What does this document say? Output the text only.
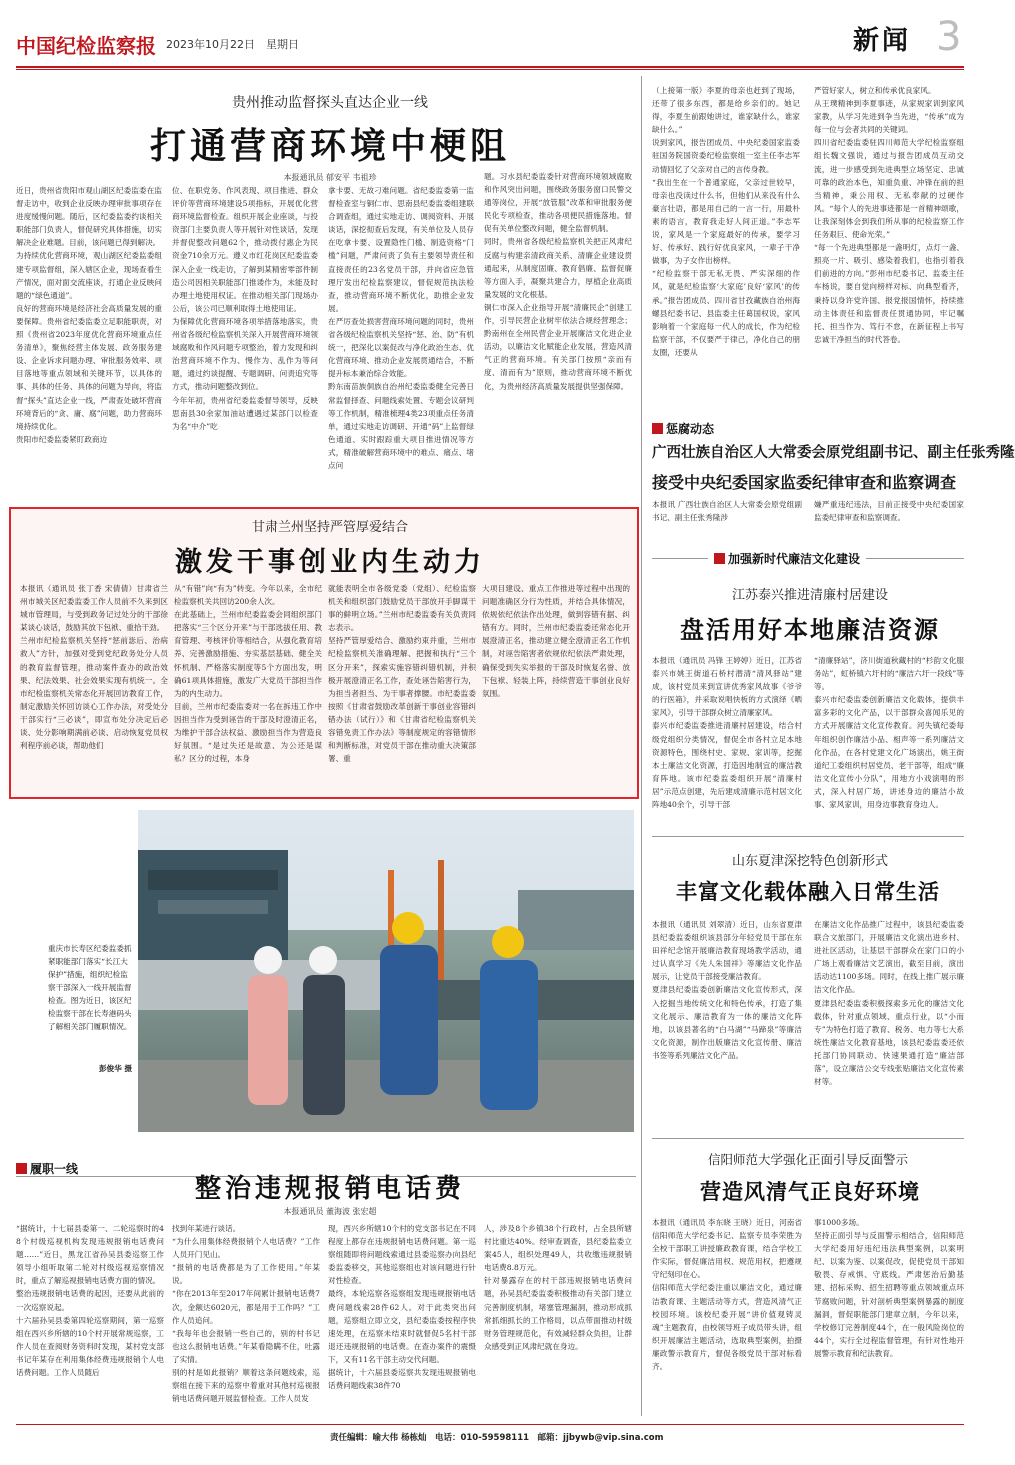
中国纪检监察报 2023年10月22日　星期日	新闻 3
贵州推动监督探头直达企业一线
打通营商环境中梗阻
本报通讯员 郁安平 韦祖珍
近日，贵州省贵阳市观山湖区纪委监委在监督走访中，收到企业反映办理审批事项存在进度缓慢问题。随后，区纪委监委约谈相关职能部门负责人，督促研究具体措施，切实解决企业难题。目前，该问题已得到解决。
为持续优化营商环境，观山湖区纪委监委组建专项监督组，深入辖区企业，现场查看生产情况，面对面交流座谈，打通企业反映问题的“绿色通道”。
良好的营商环境是经济社会高质量发展的重要保障。贵州省纪委监委立足职能职责，对照《贵州省2023年度优化营商环境重点任务清单》，聚焦经营主体发展、政务服务建设、企业诉求问题办理、审批服务效率、项目落地等重点领域和关键环节，以具体的事、具体的任务、具体的问题为导向，将监督“探头”直达企业一线，严肃查处破坏营商环境背后的“贪、庸、腐”问题，助力营商环境持续优化。
贵阳市纪委监委紧盯政商边
位、在职党务、作风表现、项目推进、群众评价等营商环境建设5项指标，开展优化营商环境监督检查。组织开展企业座谈，与投资部门主要负责人等开展针对性谈话，发现并督促整改问题62个，推动拨付惠企为民资金710余万元。遵义市红花岗区纪委监委深入企业一线走访，了解到某精密零部件制造公司因相关职能部门推诿作为，未能及时办理土地使用权证。在推动相关部门现场办公后，该公司已顺利取得土地使用证。
为保障优化营商环境各项举措落地落实，贵州省各级纪检监察机关深入开展营商环境领域腐败和作风问题专项整治，着力发现和纠治营商环境不作为、慢作为、乱作为等问题，通过约谈提醒、专题调研、问责追究等方式，推动问题整改到位。
今年年初，贵州省纪委监委督导领导，反映思南县30余家加油站遭遇过某部门以检查为名“中介”吃
拿卡要、无故刁难问题。省纪委监委第一监督检查室与铜仁市、思南县纪委监委组建联合调查组，通过实地走访、调阅资料、开展谈话，深挖彻查后发现，有关单位及人员存在吃拿卡要、设置隐性门槛、制造资格“门槛”问题，严肃问责了负有主要领导责任和直接责任的23名党员干部，并向省应急管理厅发出纪检监察建议，督促规范执法检查，推动营商环境不断优化，助推企业发展。
在严厉查处损害营商环境问题的同时，贵州省各级纪检监察机关坚持“惩、治、防”有机统一，把深化以案促改与净化政治生态、优化营商环境、推动企业发展贯通结合，不断提升标本兼治综合效能。
黔东南苗族侗族自治州纪委监委健全完善日常监督择查、问题线索处置、专题会议研判等工作机制，精准梳理4类23项重点任务清单，通过实地走访调研、开通“码”上监督绿色通道、实时跟踪重大项目推进情况等方式，精准破解营商环境中的难点、痛点、堵点问
题。习水县纪委监委针对营商环境领域腐败和作风突出问题，围绕政务服务窗口民警交通等岗位，开展“放管服”改革和审批服务便民化专项检查，推动各项便民措施落地。督促有关单位整改问题，健全监督机制。
同时，贵州省各级纪检监察机关把正风肃纪反腐与构建亲清政商关系、清廉企业建设贯通起来，从制度固廉、教育倡廉、监督促廉等方面入手，凝聚共建合力，厚植企业高质量发展的文化根基。
铜仁市深入企业指导开展“清廉民企”创建工作，引导民营企业树牢依法合规经营理念；黔南州在全州民营企业开展廉洁文化进企业活动，以廉洁文化赋能企业发展，营造风清气正的营商环境。有关部门按照“亲而有度、清而有为”原则，推动营商环境不断优化，为贵州经济高质量发展提供坚强保障。
甘肃兰州坚持严管厚爱结合
激发干事创业内生动力
本报讯（通讯员 张丁香 宋倩倩）甘肃省兰州市城关区纪委监委工作人员前不久来到区城市管理局，与受到政务记过处分的干部徐某谈心谈话，鼓励其放下包袱、重拾干劲。
兰州市纪检监察机关坚持“惩前毖后、治病救人”方针，加强对受到党纪政务处分人员的教育监督管理，推动案件查办的政治效果、纪法效果、社会效果实现有机统一。全市纪检监察机关常态化开展回访教育工作，制定激励关怀回访谈心工作办法，对受处分干部实行“三必谈”，即宣布处分决定后必谈、处分影响期满前必谈、启动恢复党员权利程序前必谈，帮助他们
从“有错”向“有为”转变。今年以来，全市纪检监察机关共回访200余人次。
在此基础上，兰州市纪委监委会同组织部门把落实“三个区分开来”与干部选拔任用、教育管理、考核评价等相结合，从强化教育培养、完善激励措施、夯实基层基础、健全关怀机制、严格落实制度等5个方面出发，明确61项具体措施，激发广大党员干部担当作为的内生动力。
目前，兰州市纪委监委对一名在拆违工作中因担当作为受到诬告的干部及时澄清正名，为维护干部合法权益、激励担当作为营造良好氛围。“是过失还是故意、为公还是谋私？区分的过程，本身
就能表明全市各级党委（党组）、纪检监察机关和组织部门鼓励党员干部放开手脚谋干事的鲜明立场。”兰州市纪委监委有关负责同志表示。
坚持严管厚爱结合、激励约束并重，兰州市纪检监察机关准确理解、把握和执行“三个区分开来”，探索实施容错纠错机制，并积极开展澄清正名工作，查处诬告陷害行为，为担当者担当、为干事者撑腰。市纪委监委按照《甘肃省鼓励改革创新干事创业容错纠错办法（试行）》和《甘肃省纪检监察机关容错免责工作办法》等制度规定的容错情形和判断标准，对党员干部在推动重大决策部署、重
大项目建设、重点工作推进等过程中出现的问题准确区分行为性质，并结合具体情况，依规依纪依法作出处理，做到容错有据、纠错有方。同时，兰州市纪委监委还常态化开展澄清正名，推动建立健全澄清正名工作机制，对诬告陷害者依规依纪依法严肃处理，确保受到失实举报的干部及时恢复名誉、放下包袱、轻装上阵，持续营造干事创业良好氛围。
重庆市长寿区纪委监委抓紧职能部门落实“长江大保护”措施，组织纪检监察干部深入一线开展监督检查。图为近日，该区纪检监察干部在长寿港码头了解相关部门履职情况。
彭俊华 摄
履职一线
整治违规报销电话费
本报通讯员 董海波 张宏超
“据统计，十七届县委第一、二轮巡察时的48个村级巡视机构发现违规报销电话费问题……”近日，黑龙江省孙吴县委巡察工作领导小组听取第二轮对村级巡视巡察情况时，重点了解巡视报销电话费方面的情况。
整治违规报销电话费的起因，还要从此前的一次巡察说起。
十六届孙吴县委第四轮巡察期间，第一巡察组在西兴乡所辖的10个村开展常规巡察，工作人员在查阅财务资料时发现，某村党支部书记年某存在利用集体经费违规报销个人电话费问题。工作人员随后
找到年某进行谈话。
“为什么用集体经费报销个人电话费？”工作人员开门见山。
“报销的电话费都是为了工作使用。”年某说。
“你在2013年至2017年间累计报销电话费7次，金额达6020元，都是用于工作吗？”工作人员追问。
“我每年也会报销一些自己的，别的村书记也这么报销电话费。”年某看隐瞒不住，吐露了实情。
别的村是如此报销？顺着这条问题线索，巡察组在接下来的巡察中着重对其他村巡视报销电话费问题开展监督检查。工作人员发
现，西兴乡所辖10个村的党支部书记在不同程度上都存在违规报销电话费问题。第一巡察组随即将问题线索通过县委巡察办向县纪委监委移交，其他巡察组也对该问题进行针对性检查。
最终，本轮巡察各巡察组发现违规报销电话费问题线索28件62人。对于此类突出问题，巡察组立即立交，县纪委监委按程序快速处理，在巡察未结束时就督促5名村干部退还违规报销的电话费。在查办案件的震慑下，又有11名干部主动交代问题。
据统计，十六届县委巡察共发现违规报销电话费问题线索38件70
人，涉及8个乡镇38个行政村，占全县所辖村比重达40%。经审查调查，县纪委监委立案45人，组织处理49人，共收缴违规报销电话费8.8万元。
针对暴露存在的村干部违规报销电话费问题，孙吴县纪委监委积极推动有关部门建立完善制度机制，堵塞管理漏洞，推动形成抓常抓细抓长的工作格局，以点带面推动村级财务管理规范化，有效减轻群众负担，让群众感受到正风肃纪就在身边。
（上接第一版）李夏的母亲也赶到了现场，还带了很多东西，都是给乡亲们的。她记得，李夏生前跟她讲过，谁家缺什么，谁家缺什么。”
说到家风，报告团成员、中央纪委国家监委驻国务院国资委纪检监察组一室主任李志军动情回忆了父亲对自己的言传身教。
“我出生在一个普通家庭，父亲过世较早，母亲也没读过什么书，但他们从来没有什么豪言壮语，都是用自己的一言一行，用最朴素的语言，教育我走好人间正道。”李志军说，家风是一个家庭最好的传承，要学习好、传承好、践行好优良家风，一辈子干净做事，为子女作出榜样。
“纪检监察干部无私无畏、严实深细的作风，就是纪检监察‘大家庭’良好‘家风’的传承。”报告团成员、四川省甘孜藏族自治州海螺县纪委书记、县监委主任葛国权说，家风影响着一个家庭每一代人的成长，作为纪检监察干部，不仅要严于律己，净化自己的朋友圈，还要从
严管好家人，树立和传承优良家风。
从王璞精神到李夏事迹，从家规家训到家风家教，从学习先进到争当先进，“传承”成为每一位与会者共同的关键词。
四川省纪委监委驻四川师范大学纪检监察组组长魏文强说，通过与报告团成员互动交流，进一步感受到先进典型立场坚定、忠诚可靠的政治本色，知重负重、冲锋在前的担当精神，秉公用权、无私奉献的过硬作风。“每个人的先进事迹都是一首精神颂歌，让我深刻体会到我们所从事的纪检监察工作任务艰巨、使命光荣。”
“每一个先进典型都是一盏明灯，点灯一盏、照亮一片、吸引、感染着我们，也指引着我们前进的方向。”彭州市纪委书记、监委主任车杨说，要自觉向榜样对标、向典型看齐，秉持以身许党许国、报党报国情怀，持续推动主体责任和监督责任贯通协同，牢记嘱托、担当作为、笃行不怠，在新征程上书写忠诚干净担当的时代答卷。
惩腐动态
广西壮族自治区人大常委会原党组副书记、副主任张秀隆
接受中央纪委国家监委纪律审查和监察调查
本报讯 广西壮族自治区人大常委会原党组副书记、副主任张秀隆涉
嫌严重违纪违法，目前正接受中央纪委国家监委纪律审查和监察调查。
加强新时代廉洁文化建设
江苏泰兴推进清廉村居建设
盘活用好本地廉洁资源
本报讯（通讯员 冯锋 王婷婷）近日，江苏省泰兴市姚王街道石桥村潜清“清风驿站”建成，该村党员来到宣讲优秀家风故事《爷爷的行医箱》，并采取说唱快板的方式演绎《晒家风》，引导干部群众树立清廉家风。
泰兴市纪委监委推进清廉村居建设，结合村级党组织分类情况，督促全市各村立足本地资源特色，围绕村史、家规、家训等，挖掘本土廉洁文化资源，打造因地制宜的廉洁教育阵地。该市纪委监委组织开展“清廉村居”示范点创建，先后建成清廉示范村居文化阵地40余个，引导干部
“清廉驿站”，济川街道秋藏村的“杉韵文化服务站”，虹桥镇六圩村的“廉洁六圩一段线”等等。
泰兴市纪委监委创新廉洁文化载体，提供丰富多彩的文化产品，以干部群众喜闻乐见的方式开展廉洁文化宣传教育。河失镇纪委每年组织创作廉洁小品、相声等一系列廉洁文化作品，在各村党建文化广场演出，姚王街道纪工委组织村居党员、老干部等，组成“廉洁文化宣传小分队”，用地方小戏演唱的形式，深入村居广场，讲述身边的廉洁小故事、家风家训，用身边事教育身边人。
山东夏津深挖特色创新形式
丰富文化载体融入日常生活
本报讯（通讯员 刘翠清）近日，山东省夏津县纪委监委组织该县部分年轻党员干部在东田祥纪念馆开展廉洁教育现场教学活动，通过认真学习《先人朱国祥》等廉洁文化作品展示，让党员干部接受廉洁教育。
夏津县纪委监委创新廉洁文化宣传形式，深入挖掘当地传统文化和特色传承，打造了集文化展示、廉洁教育为一体的廉洁文化阵地，以该县著名的“白马湖”“马蹄泉”等廉洁文化资源，制作出版廉洁文化宣传册、廉洁书签等系列廉洁文化产品。
在廉洁文化作品推广过程中，该县纪委监委联合文旅部门，开展廉洁文化演出进乡村、进社区活动，让基层干部群众在家门口的小广场上观看廉洁文艺演出，截至目前，演出活动达1100多场。同时，在线上推广展示廉洁文化作品。
夏津县纪委监委积极探索多元化的廉洁文化载体，针对重点领域、重点行业，以“小而专”为特色打造了教育、税务、电力等七大系统性廉洁文化教育基地，该县纪委监委还依托部门协同联动、快速果通打造“廉洁部落”，设立廉洁公交专线张贴廉洁文化宣传素材等。
信阳师范大学强化正面引导反面警示
营造风清气正良好环境
本报讯（通讯员 李东晓 王晓）近日，河南省信阳师范大学纪委书记、监察专员李荣胜为全校干部职工讲授廉政教育课，结合学校工作实际，督促廉洁用权、规范用权，把遵规守纪刻印在心。
信阳师范大学纪委注重以廉洁文化，通过廉洁教育课、主题活动等方式，营造风清气正校园环境。该校纪委开展“讲价值观铸灵魂”主题教育，由校领导班子成员带头讲，组织开展廉洁主题活动，选取典型案例，拍摄廉政警示教育片，督促各级党员干部对标看齐。
事1000多场。
坚持正面引导与反面警示相结合，信阳师范大学纪委用好违纪违法典型案例，以案明纪、以案为鉴、以案促改，促使党员干部知敬畏、存戒惧、守底线。严肃惩治后勤基建、招标采购、招生招聘等重点领域重点环节腐败问题，针对剖析典型案例暴露的制度漏洞，督促职能部门建章立制，今年以来，学校修订完善制度44个，在一般风险岗位的44个，实行全过程监督管理，有针对性地开展警示教育和纪法教育。
责任编辑：喻大伟 杨栋灿　电话：010-59598111　邮箱：jjbywb@vip.sina.com
